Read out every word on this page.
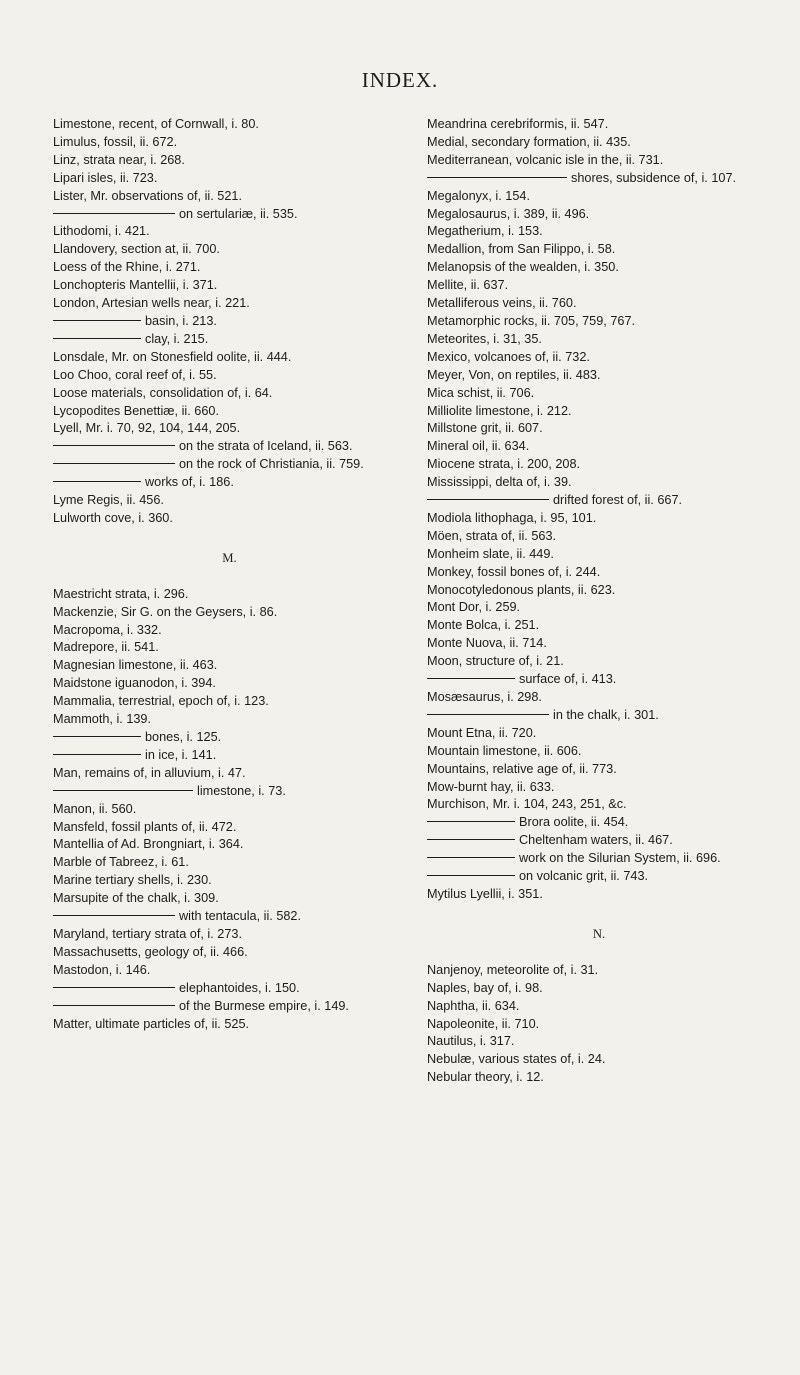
INDEX.
Limestone, recent, of Cornwall, i. 80.
Limulus, fossil, ii. 672.
Linz, strata near, i. 268.
Lipari isles, ii. 723.
Lister, Mr. observations of, ii. 521.
on sertulariæ, ii. 535.
Lithodomi, i. 421.
Llandovery, section at, ii. 700.
Loess of the Rhine, i. 271.
Lonchopteris Mantellii, i. 371.
London, Artesian wells near, i. 221.
basin, i. 213.
clay, i. 215.
Lonsdale, Mr. on Stonesfield oolite, ii. 444.
Loo Choo, coral reef of, i. 55.
Loose materials, consolidation of, i. 64.
Lycopodites Benettiæ, ii. 660.
Lyell, Mr. i. 70, 92, 104, 144, 205.
on the strata of Iceland, ii. 563.
on the rock of Christiania, ii. 759.
works of, i. 186.
Lyme Regis, ii. 456.
Lulworth cove, i. 360.
M.
Maestricht strata, i. 296.
Mackenzie, Sir G. on the Geysers, i. 86.
Macropoma, i. 332.
Madrepore, ii. 541.
Magnesian limestone, ii. 463.
Maidstone iguanodon, i. 394.
Mammalia, terrestrial, epoch of, i. 123.
Mammoth, i. 139.
bones, i. 125.
in ice, i. 141.
Man, remains of, in alluvium, i. 47.
limestone, i. 73.
Manon, ii. 560.
Mansfeld, fossil plants of, ii. 472.
Mantellia of Ad. Brongniart, i. 364.
Marble of Tabreez, i. 61.
Marine tertiary shells, i. 230.
Marsupite of the chalk, i. 309.
with tentacula, ii. 582.
Maryland, tertiary strata of, i. 273.
Massachusetts, geology of, ii. 466.
Mastodon, i. 146.
elephantoides, i. 150.
of the Burmese empire, i. 149.
Matter, ultimate particles of, ii. 525.
Meandrina cerebriformis, ii. 547.
Medial, secondary formation, ii. 435.
Mediterranean, volcanic isle in the, ii. 731.
shores, subsidence of, i. 107.
Megalonyx, i. 154.
Megalosaurus, i. 389, ii. 496.
Megatherium, i. 153.
Medallion, from San Filippo, i. 58.
Melanopsis of the wealden, i. 350.
Mellite, ii. 637.
Metalliferous veins, ii. 760.
Metamorphic rocks, ii. 705, 759, 767.
Meteorites, i. 31, 35.
Mexico, volcanoes of, ii. 732.
Meyer, Von, on reptiles, ii. 483.
Mica schist, ii. 706.
Milliolite limestone, i. 212.
Millstone grit, ii. 607.
Mineral oil, ii. 634.
Miocene strata, i. 200, 208.
Mississippi, delta of, i. 39.
drifted forest of, ii. 667.
Modiola lithophaga, i. 95, 101.
Möen, strata of, ii. 563.
Monheim slate, ii. 449.
Monkey, fossil bones of, i. 244.
Monocotyledonous plants, ii. 623.
Mont Dor, i. 259.
Monte Bolca, i. 251.
Monte Nuova, ii. 714.
Moon, structure of, i. 21.
surface of, i. 413.
Mosæsaurus, i. 298.
in the chalk, i. 301.
Mount Etna, ii. 720.
Mountain limestone, ii. 606.
Mountains, relative age of, ii. 773.
Mow-burnt hay, ii. 633.
Murchison, Mr. i. 104, 243, 251, &c.
Brora oolite, ii. 454.
Cheltenham waters, ii. 467.
work on the Silurian System, ii. 696.
on volcanic grit, ii. 743.
Mytilus Lyellii, i. 351.
N.
Nanjenoy, meteorolite of, i. 31.
Naples, bay of, i. 98.
Naphtha, ii. 634.
Napoleonite, ii. 710.
Nautilus, i. 317.
Nebulæ, various states of, i. 24.
Nebular theory, i. 12.
